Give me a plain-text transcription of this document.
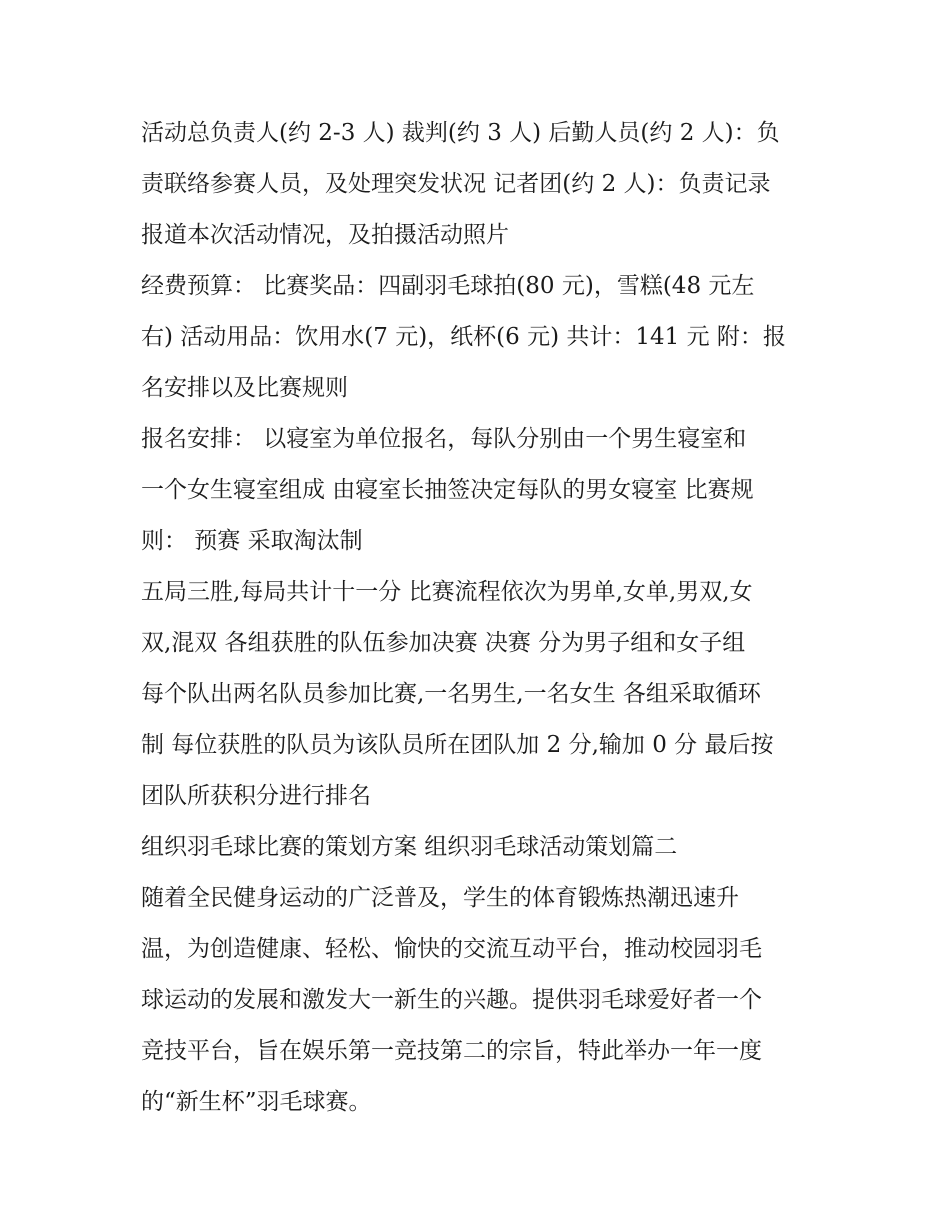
活动总负责人(约 2-3 人) 裁判(约 3 人) 后勤人员(约 2 人)：负
责联络参赛人员，及处理突发状况 记者团(约 2 人)：负责记录
报道本次活动情况，及拍摄活动照片
经费预算： 比赛奖品：四副羽毛球拍(80 元)，雪糕(48 元左
右) 活动用品：饮用水(7 元)，纸杯(6 元) 共计：141 元 附：报
名安排以及比赛规则
报名安排： 以寝室为单位报名，每队分别由一个男生寝室和
一个女生寝室组成 由寝室长抽签决定每队的男女寝室 比赛规
则： 预赛 采取淘汰制
五局三胜,每局共计十一分 比赛流程依次为男单,女单,男双,女
双,混双 各组获胜的队伍参加决赛 决赛 分为男子组和女子组
每个队出两名队员参加比赛,一名男生,一名女生 各组采取循环
制 每位获胜的队员为该队员所在团队加 2 分,输加 0 分 最后按
团队所获积分进行排名
组织羽毛球比赛的策划方案 组织羽毛球活动策划篇二
随着全民健身运动的广泛普及，学生的体育锻炼热潮迅速升
温，为创造健康、轻松、愉快的交流互动平台，推动校园羽毛
球运动的发展和激发大一新生的兴趣。提供羽毛球爱好者一个
竞技平台，旨在娱乐第一竞技第二的宗旨，特此举办一年一度
的“新生杯”羽毛球赛。
